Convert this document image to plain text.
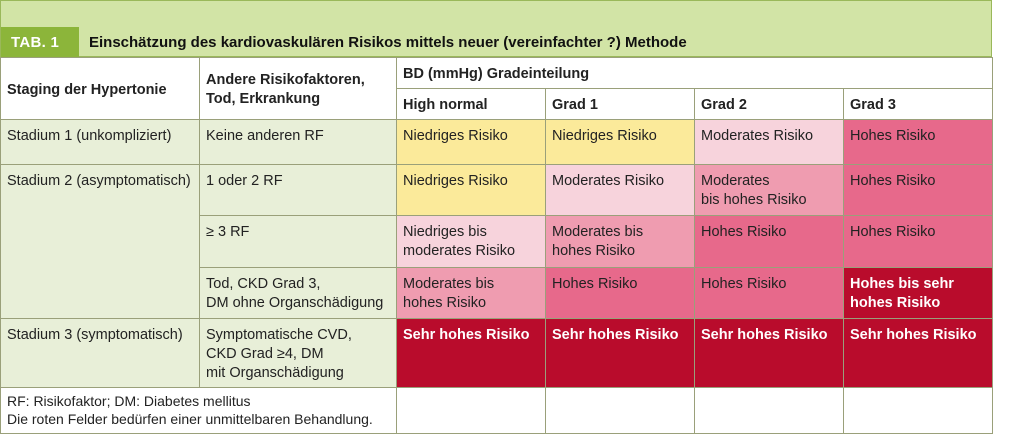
TAB. 1	Einschätzung des kardiovaskulären Risikos mittels neuer (vereinfachter ?) Methode
Staging der Hypertonie	Andere Risikofaktoren, Tod, Erkrankung	BD (mmHg) Gradeinteilung			
		High normal	Grad 1	Grad 2	Grad 3
Stadium 1 (unkompliziert)	Keine anderen RF	Niedriges Risiko	Niedriges Risiko	Moderates Risiko	Hohes Risiko
Stadium 2 (asymptomatisch)	1 oder 2 RF	Niedriges Risiko	Moderates Risiko	Moderates
bis hohes Risiko	Hohes Risiko
	≥ 3 RF	Niedriges bis
moderates Risiko	Moderates bis
hohes Risiko	Hohes Risiko	Hohes Risiko
	Tod, CKD Grad 3,
DM ohne Organschädigung	Moderates bis
hohes Risiko	Hohes Risiko	Hohes Risiko	Hohes bis sehr
hohes Risiko
Stadium 3 (symptomatisch)	Symptomatische CVD,
CKD Grad ≥4, DM
mit Organschädigung	Sehr hohes Risiko	Sehr hohes Risiko	Sehr hohes Risiko	Sehr hohes Risiko
RF: Risikofaktor; DM: Diabetes mellitus
Die roten Felder bedürfen einer unmittelbaren Behandlung.					
